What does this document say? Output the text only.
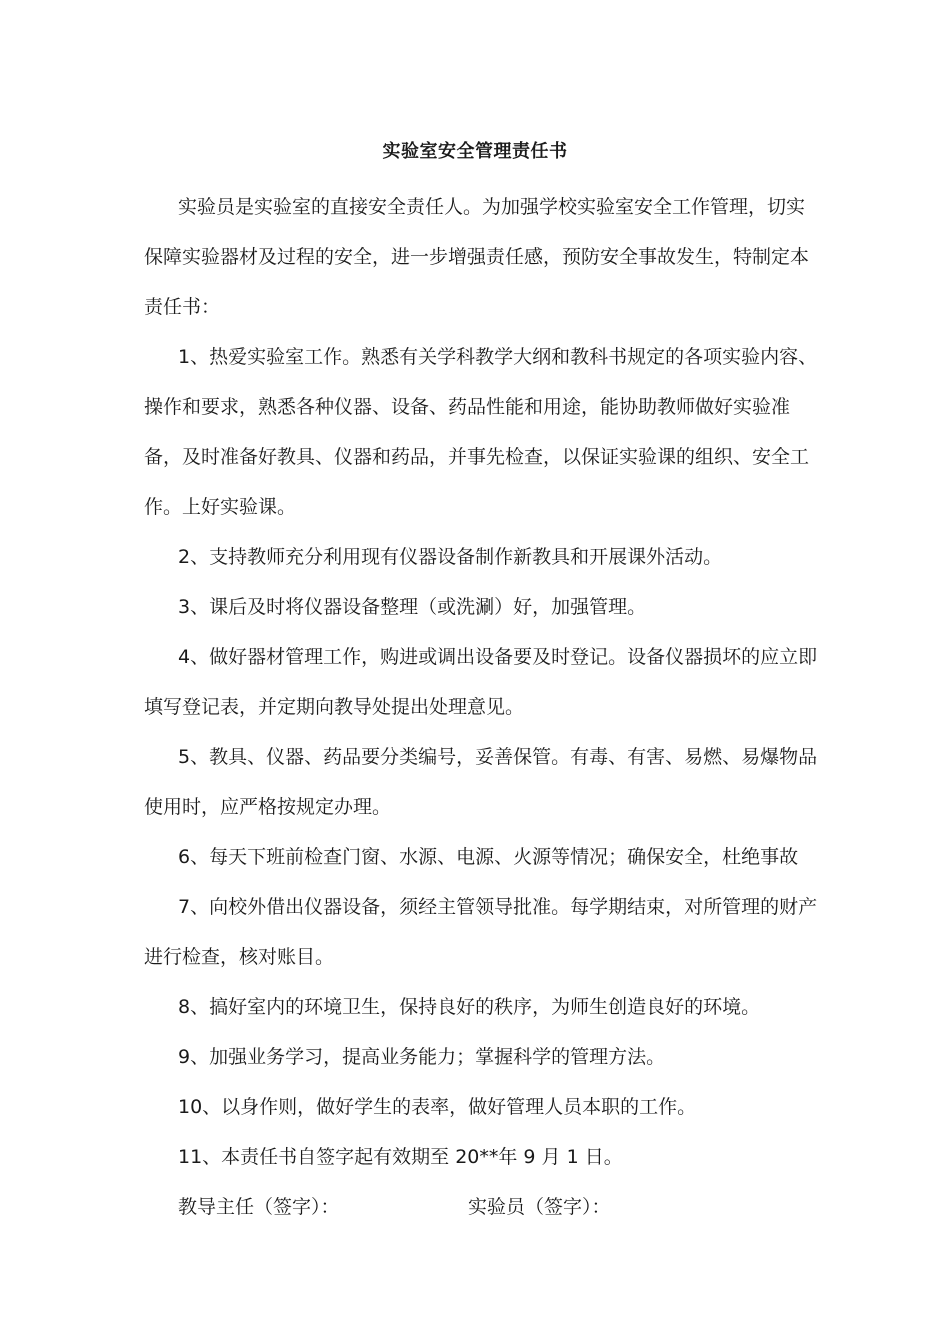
实验室安全管理责任书

实验员是实验室的直接安全责任人。为加强学校实验室安全工作管理，切实保障实验器材及过程的安全，进一步增强责任感，预防安全事故发生，特制定本责任书：

1、热爱实验室工作。熟悉有关学科教学大纲和教科书规定的各项实验内容、操作和要求，熟悉各种仪器、设备、药品性能和用途，能协助教师做好实验准备，及时准备好教具、仪器和药品，并事先检查，以保证实验课的组织、安全工作。上好实验课。

2、支持教师充分利用现有仪器设备制作新教具和开展课外活动。

3、课后及时将仪器设备整理（或洗涮）好，加强管理。

4、做好器材管理工作，购进或调出设备要及时登记。设备仪器损坏的应立即填写登记表，并定期向教导处提出处理意见。

5、教具、仪器、药品要分类编号，妥善保管。有毒、有害、易燃、易爆物品使用时，应严格按规定办理。

6、每天下班前检查门窗、水源、电源、火源等情况；确保安全，杜绝事故

7、向校外借出仪器设备，须经主管领导批准。每学期结束，对所管理的财产进行检查，核对账目。

8、搞好室内的环境卫生，保持良好的秩序，为师生创造良好的环境。

9、加强业务学习，提高业务能力；掌握科学的管理方法。

10、以身作则，做好学生的表率，做好管理人员本职的工作。

11、本责任书自签字起有效期至 20**年 9 月 1 日。

教导主任（签字）：	实验员（签字）：
